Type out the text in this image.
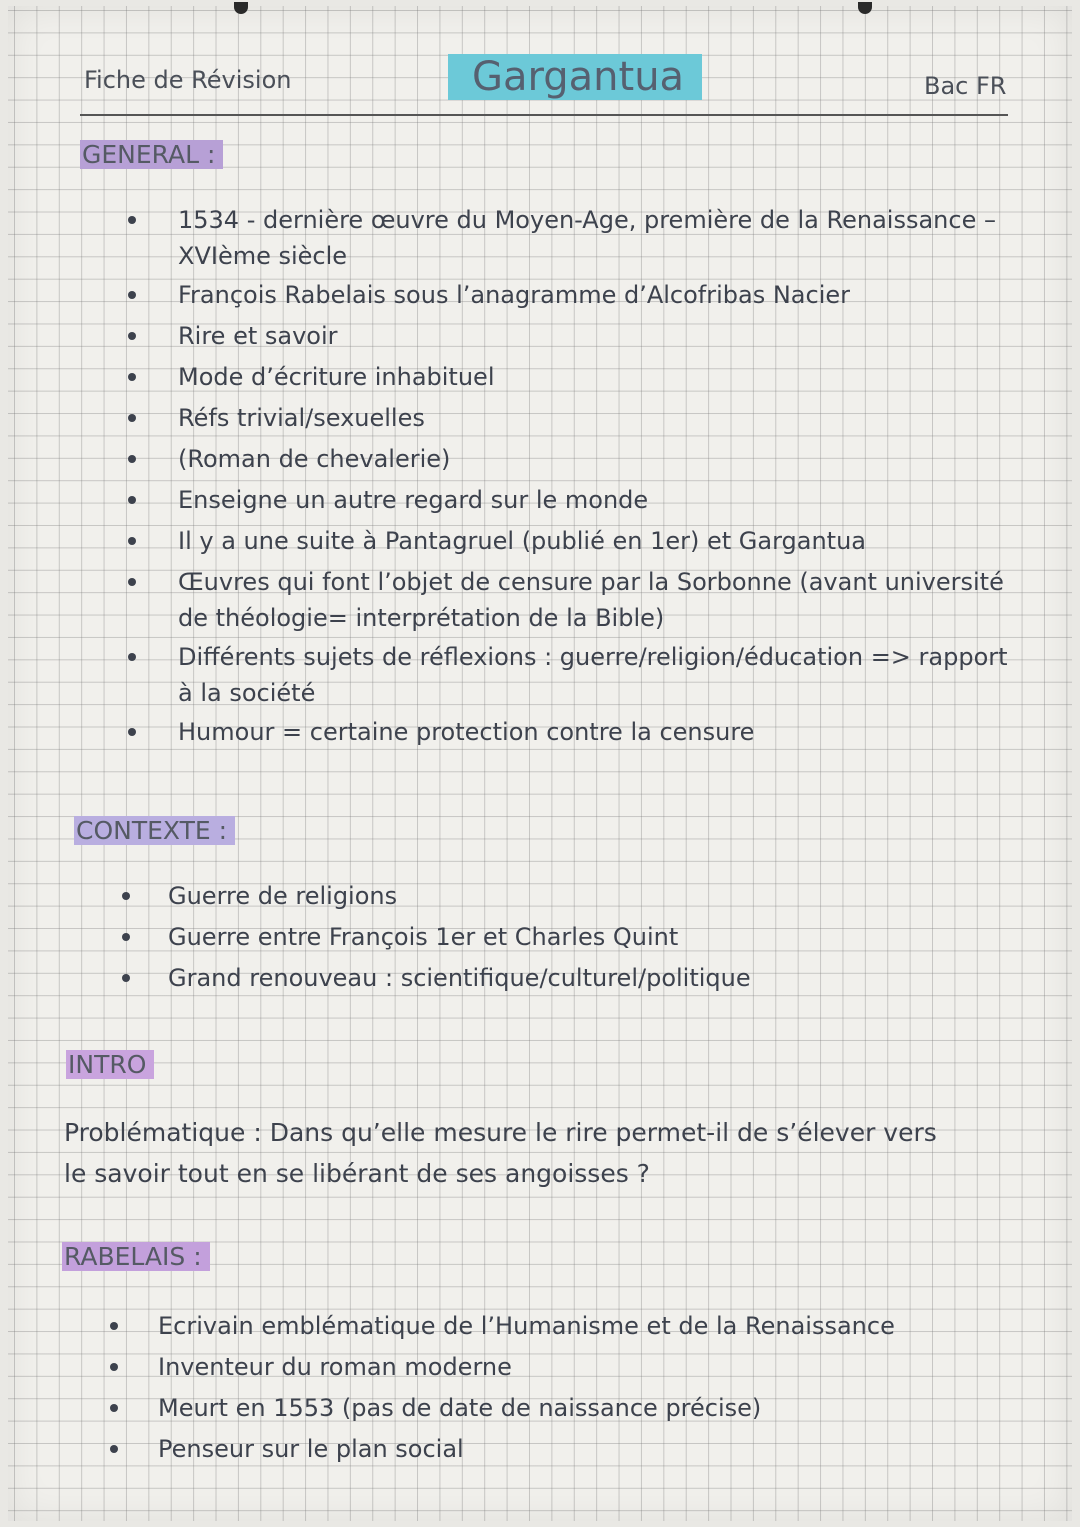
Fiche de Révision	Gargantua	Bac FR
GENERAL :
1534 - dernière œuvre du Moyen-Age, première de la Renaissance –
XVIème siècle
François Rabelais sous l’anagramme d’Alcofribas Nacier
Rire et savoir
Mode d’écriture inhabituel
Réfs trivial/sexuelles
(Roman de chevalerie)
Enseigne un autre regard sur le monde
Il y a une suite à Pantagruel (publié en 1er) et Gargantua
Œuvres qui font l’objet de censure par la Sorbonne (avant université
de théologie= interprétation de la Bible)
Différents sujets de réflexions : guerre/religion/éducation => rapport
à la société
Humour = certaine protection contre la censure
CONTEXTE :
Guerre de religions
Guerre entre François 1er et Charles Quint
Grand renouveau : scientifique/culturel/politique
INTRO
Problématique : Dans qu’elle mesure le rire permet-il de s’élever vers le savoir tout en se libérant de ses angoisses ?
RABELAIS :
Ecrivain emblématique de l’Humanisme et de la Renaissance
Inventeur du roman moderne
Meurt en 1553 (pas de date de naissance précise)
Penseur sur le plan social
